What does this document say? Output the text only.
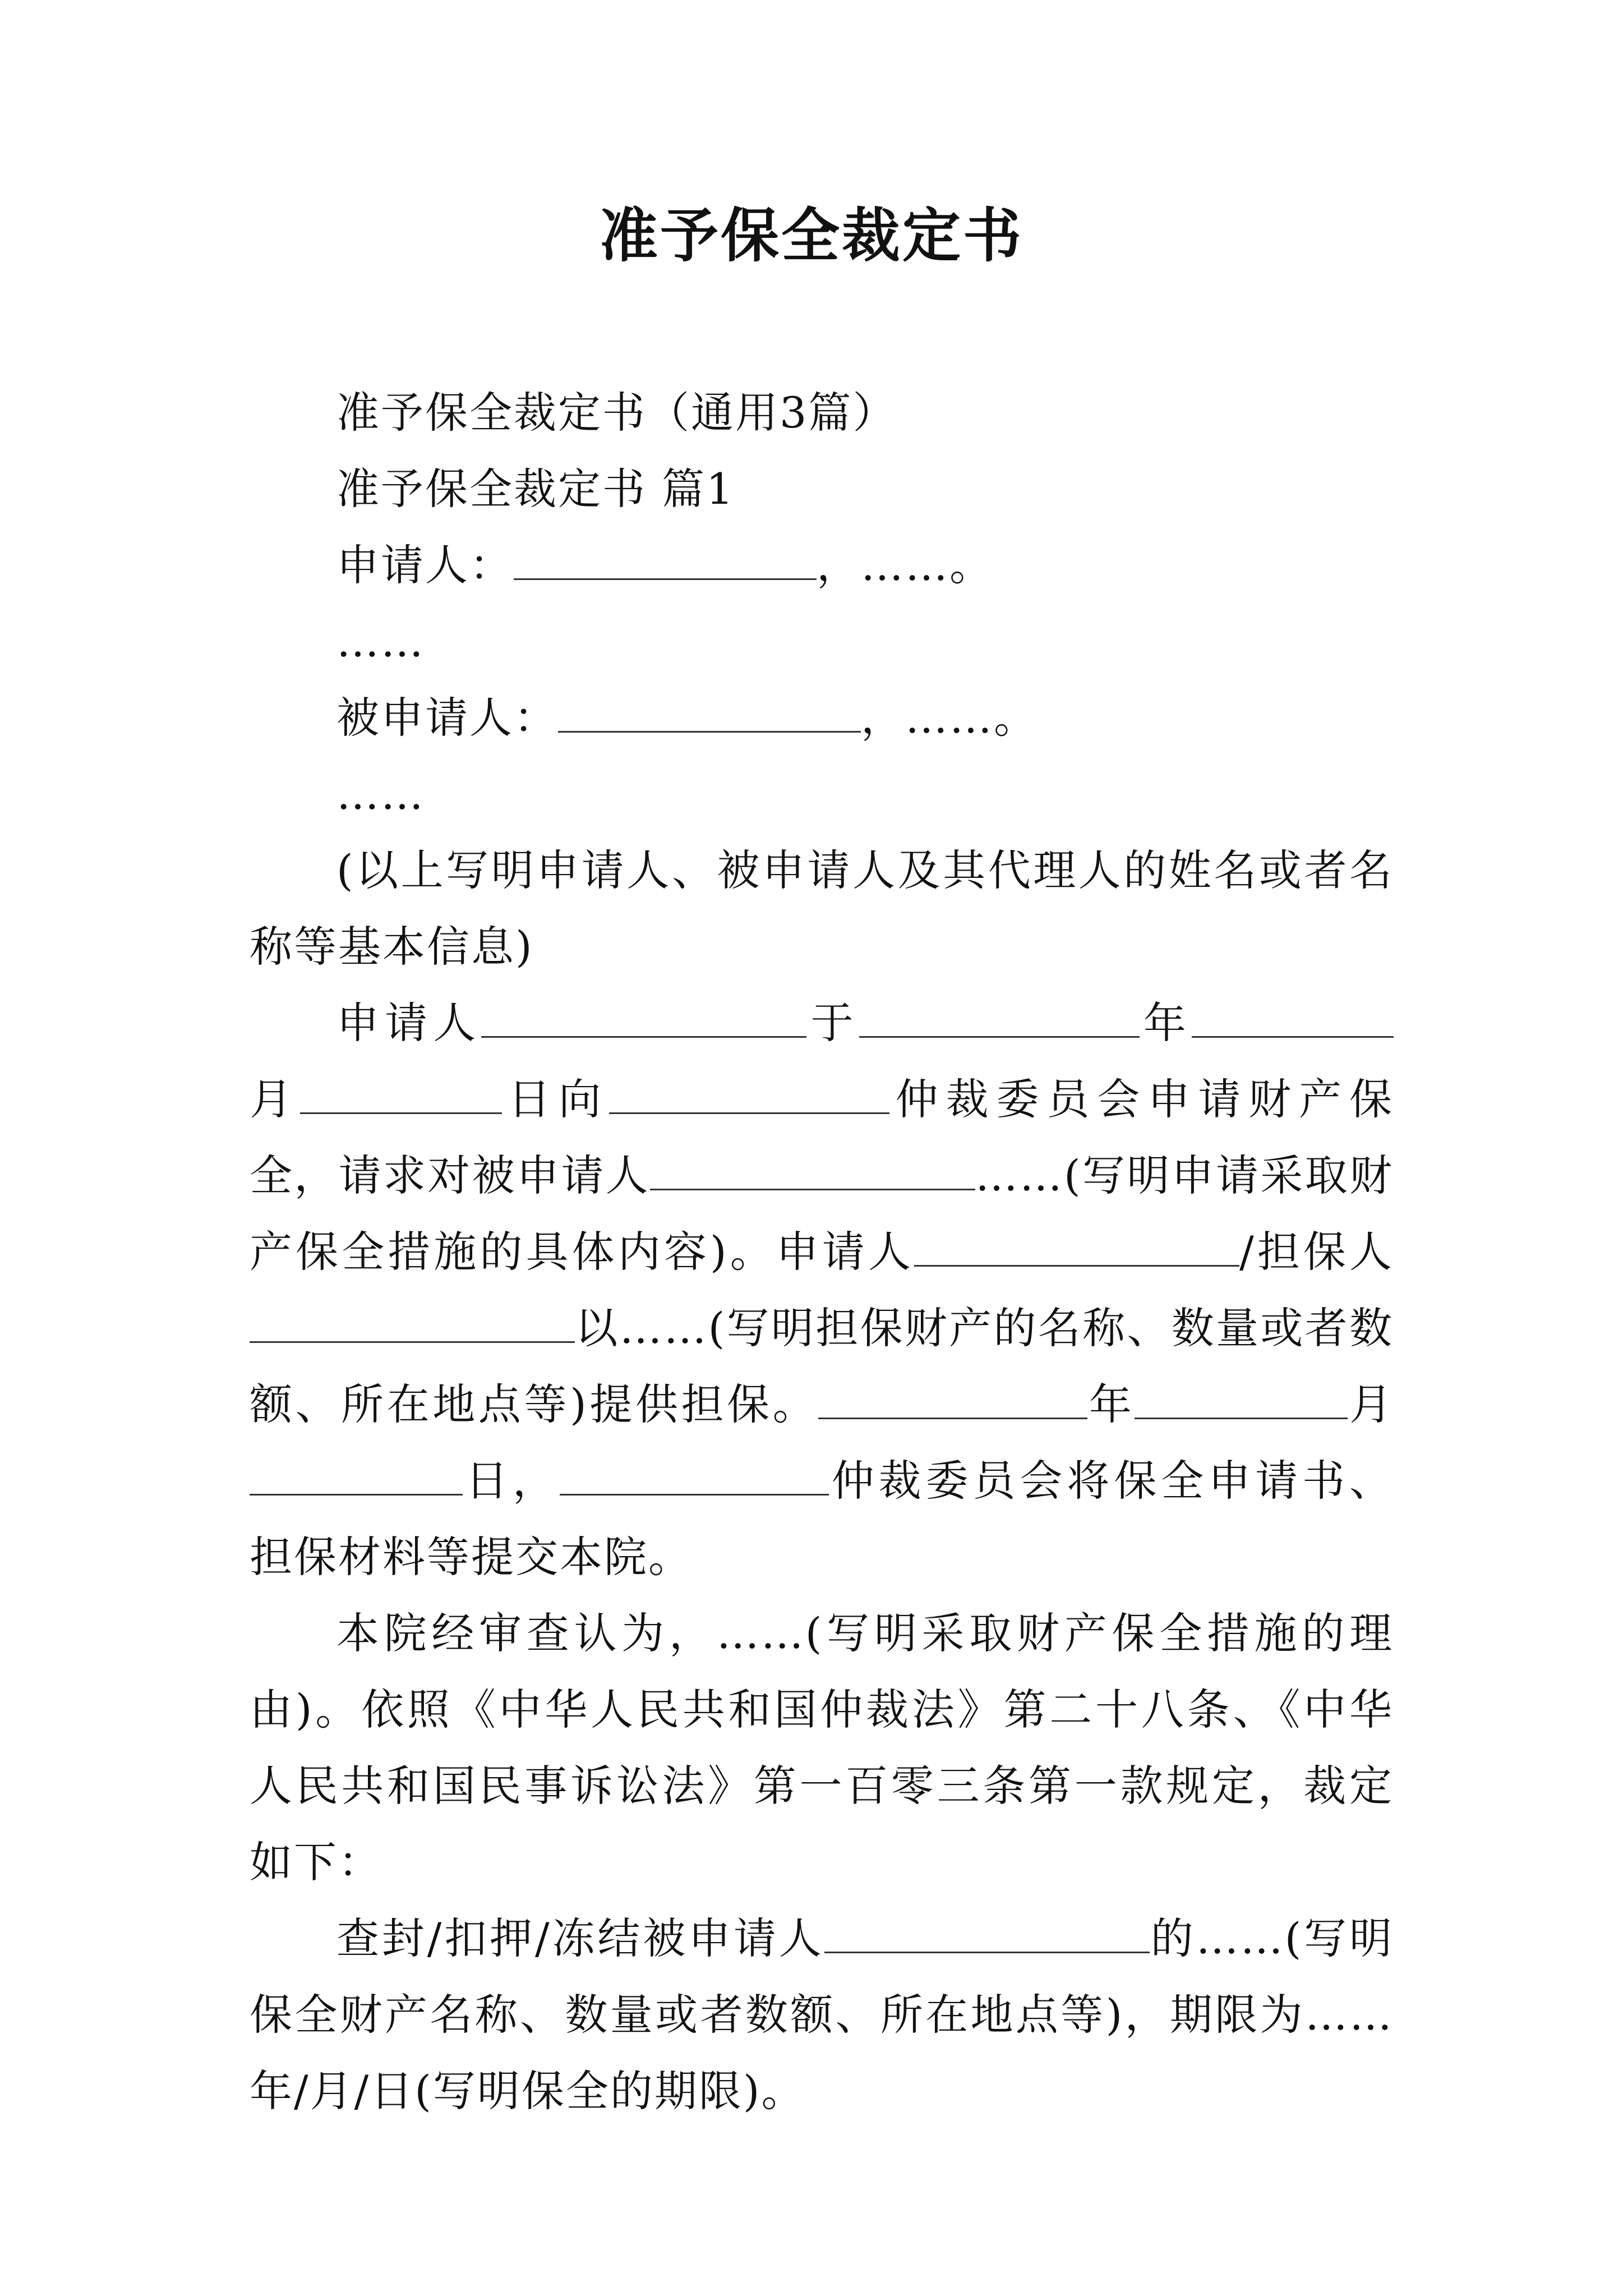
准予保全裁定书

准予保全裁定书（通用3篇）

准予保全裁定书 篇1

申请人：	，……。

……

被申请人：	，……。

……

(以上写明申请人、被申请人及其代理人的姓名或者名称等基本信息)

申请人	于	年月	日向	仲裁委员会申请财产保全，请求对被申请人	……(写明申请采取财产保全措施的具体内容)。申请人	/担保人以……(写明担保财产的名称、数量或者数额、所在地点等)提供担保。	年	月日，	仲裁委员会将保全申请书、担保材料等提交本院。

本院经审查认为，……(写明采取财产保全措施的理由)。依照《中华人民共和国仲裁法》第二十八条、《中华人民共和国民事诉讼法》第一百零三条第一款规定，裁定如下：

查封/扣押/冻结被申请人	的……(写明保全财产名称、数量或者数额、所在地点等)，期限为……年/月/日(写明保全的期限)。
